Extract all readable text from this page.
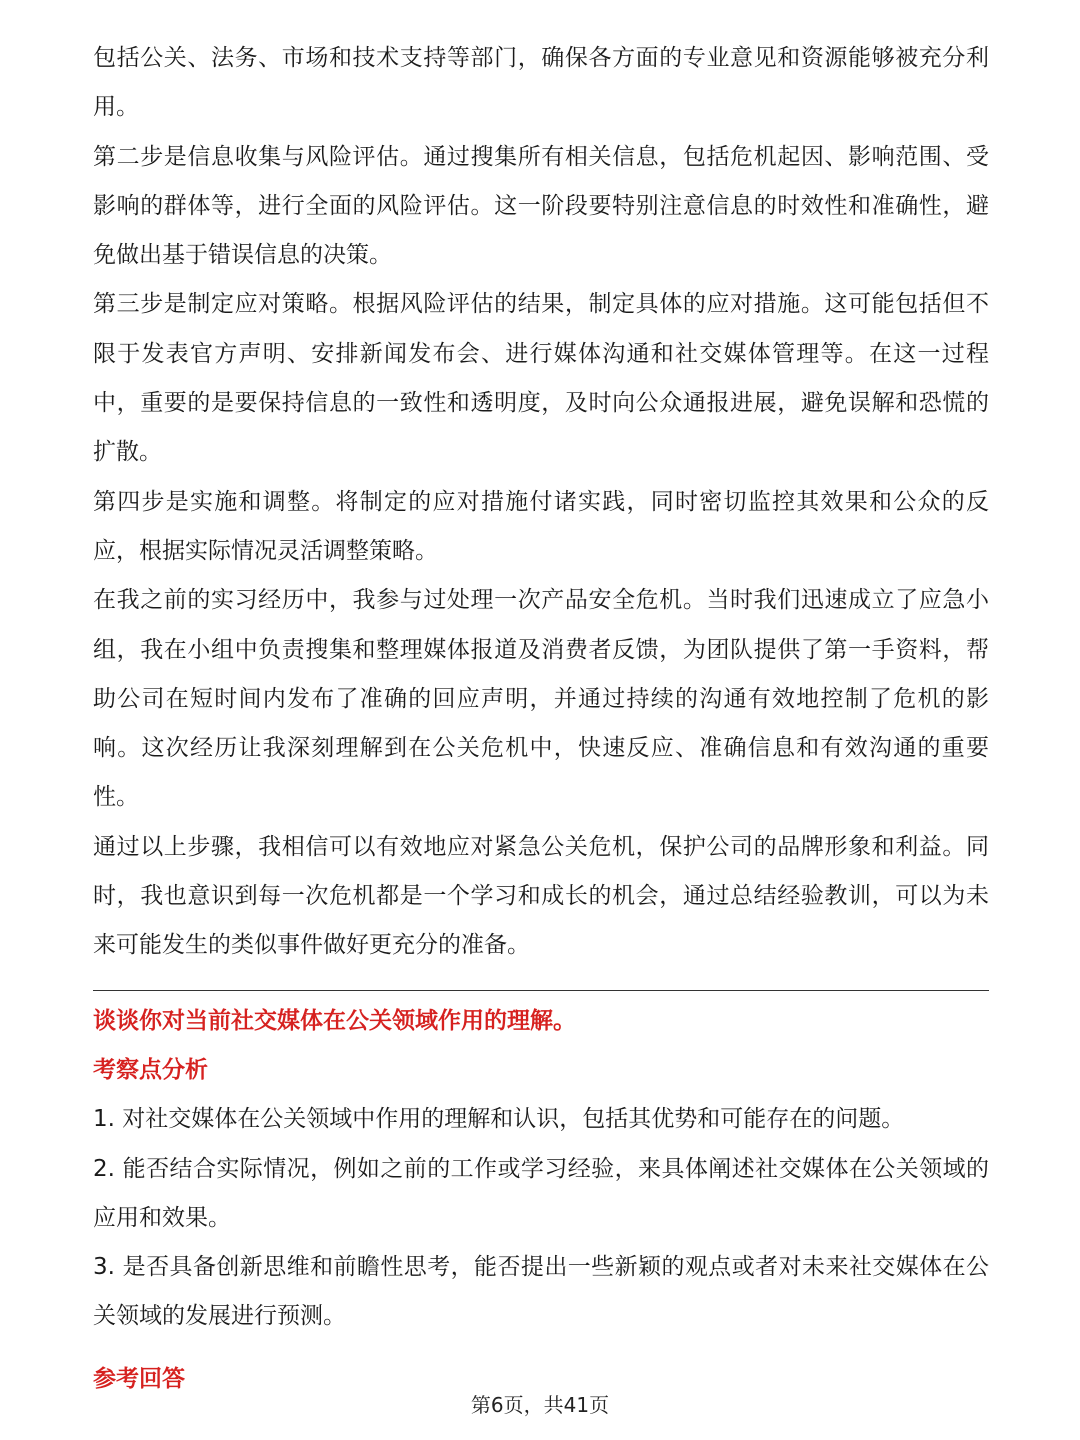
包括公关、法务、市场和技术支持等部门，确保各方面的专业意见和资源能够被充分利用。

第二步是信息收集与风险评估。通过搜集所有相关信息，包括危机起因、影响范围、受影响的群体等，进行全面的风险评估。这一阶段要特别注意信息的时效性和准确性，避免做出基于错误信息的决策。

第三步是制定应对策略。根据风险评估的结果，制定具体的应对措施。这可能包括但不限于发表官方声明、安排新闻发布会、进行媒体沟通和社交媒体管理等。在这一过程中，重要的是要保持信息的一致性和透明度，及时向公众通报进展，避免误解和恐慌的扩散。

第四步是实施和调整。将制定的应对措施付诸实践，同时密切监控其效果和公众的反应，根据实际情况灵活调整策略。

在我之前的实习经历中，我参与过处理一次产品安全危机。当时我们迅速成立了应急小组，我在小组中负责搜集和整理媒体报道及消费者反馈，为团队提供了第一手资料，帮助公司在短时间内发布了准确的回应声明，并通过持续的沟通有效地控制了危机的影响。这次经历让我深刻理解到在公关危机中，快速反应、准确信息和有效沟通的重要性。

通过以上步骤，我相信可以有效地应对紧急公关危机，保护公司的品牌形象和利益。同时，我也意识到每一次危机都是一个学习和成长的机会，通过总结经验教训，可以为未来可能发生的类似事件做好更充分的准备。

谈谈你对当前社交媒体在公关领域作用的理解。

考察点分析

1. 对社交媒体在公关领域中作用的理解和认识，包括其优势和可能存在的问题。

2. 能否结合实际情况，例如之前的工作或学习经验，来具体阐述社交媒体在公关领域的应用和效果。

3. 是否具备创新思维和前瞻性思考，能否提出一些新颖的观点或者对未来社交媒体在公关领域的发展进行预测。

参考回答

第6页，共41页
